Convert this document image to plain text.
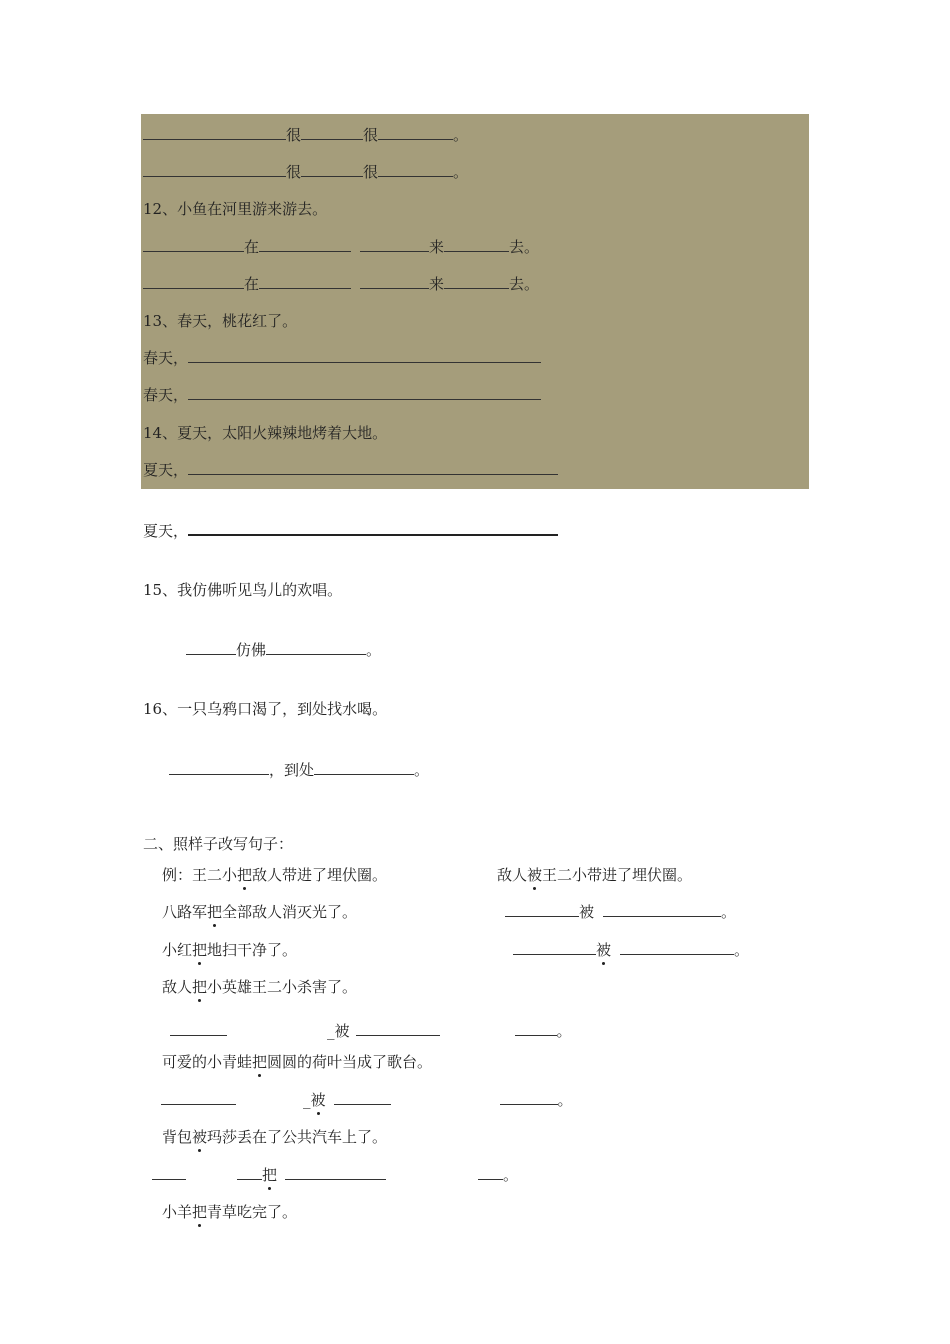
很	很	。
很	很	。
12、小鱼在河里游来游去。
在	来	去。
在	来	去。
13、春天，桃花红了。
春天，
春天，
14、夏天，太阳火辣辣地烤着大地。
夏天，
夏天，
15、我仿佛听见鸟儿的欢唱。
仿佛	。
16、一只乌鸦口渴了，到处找水喝。
，到处	。
二、照样子改写句子：
例：王二小把敌人带进了埋伏圈。	敌人被王二小带进了埋伏圈。
八路军把全部敌人消灭光了。	被	。
小红把地扫干净了。	被	。
敌人把小英雄王二小杀害了。
_被	。
可爱的小青蛙把圆圆的荷叶当成了歌台。
_被	。
背包被玛莎丢在了公共汽车上了。
把	。
小羊把青草吃完了。
